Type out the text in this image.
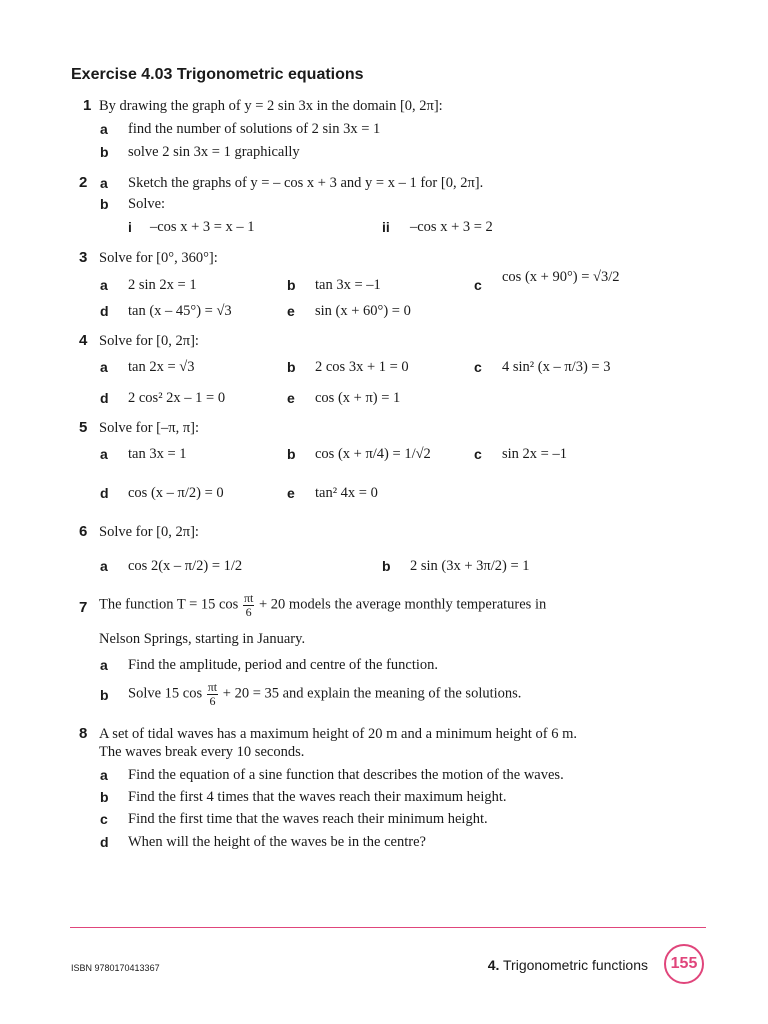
Exercise 4.03 Trigonometric equations
1 By drawing the graph of y = 2 sin 3x in the domain [0, 2π]:
a find the number of solutions of 2 sin 3x = 1
b solve 2 sin 3x = 1 graphically
2 a Sketch the graphs of y = – cos x + 3 and y = x – 1 for [0, 2π].
b Solve:
i –cos x + 3 = x – 1	ii –cos x + 3 = 2
3 Solve for [0°, 360°]:
a 2 sin 2x = 1	b tan 3x = –1	c cos (x + 90°) = √3/2
d tan (x – 45°) = √3	e sin (x + 60°) = 0
4 Solve for [0, 2π]:
a tan 2x = √3	b 2 cos 3x + 1 = 0	c 4 sin² (x – π/3) = 3
d 2 cos² 2x – 1 = 0	e cos (x + π) = 1
5 Solve for [–π, π]:
a tan 3x = 1	b cos (x + π/4) = 1/√2	c sin 2x = –1
d cos (x – π/2) = 0	e tan² 4x = 0
6 Solve for [0, 2π]:
a cos 2(x – π/2) = 1/2	b 2 sin (3x + 3π/2) = 1
7 The function T = 15 $\cos \frac{\pi t}{6} + 20$ models the average monthly temperatures in
Nelson Springs, starting in January.
a Find the amplitude, period and centre of the function.
b Solve 15 $\cos \frac{\pi t}{6} + 20 = 35$ and explain the meaning of the solutions.
8 A set of tidal waves has a maximum height of 20 m and a minimum height of 6 m.
The waves break every 10 seconds.
a Find the equation of a sine function that describes the motion of the waves.
b Find the first 4 times that the waves reach their maximum height.
c Find the first time that the waves reach their minimum height.
d When will the height of the waves be in the centre?
ISBN 9780170413367	4. Trigonometric functions	155
